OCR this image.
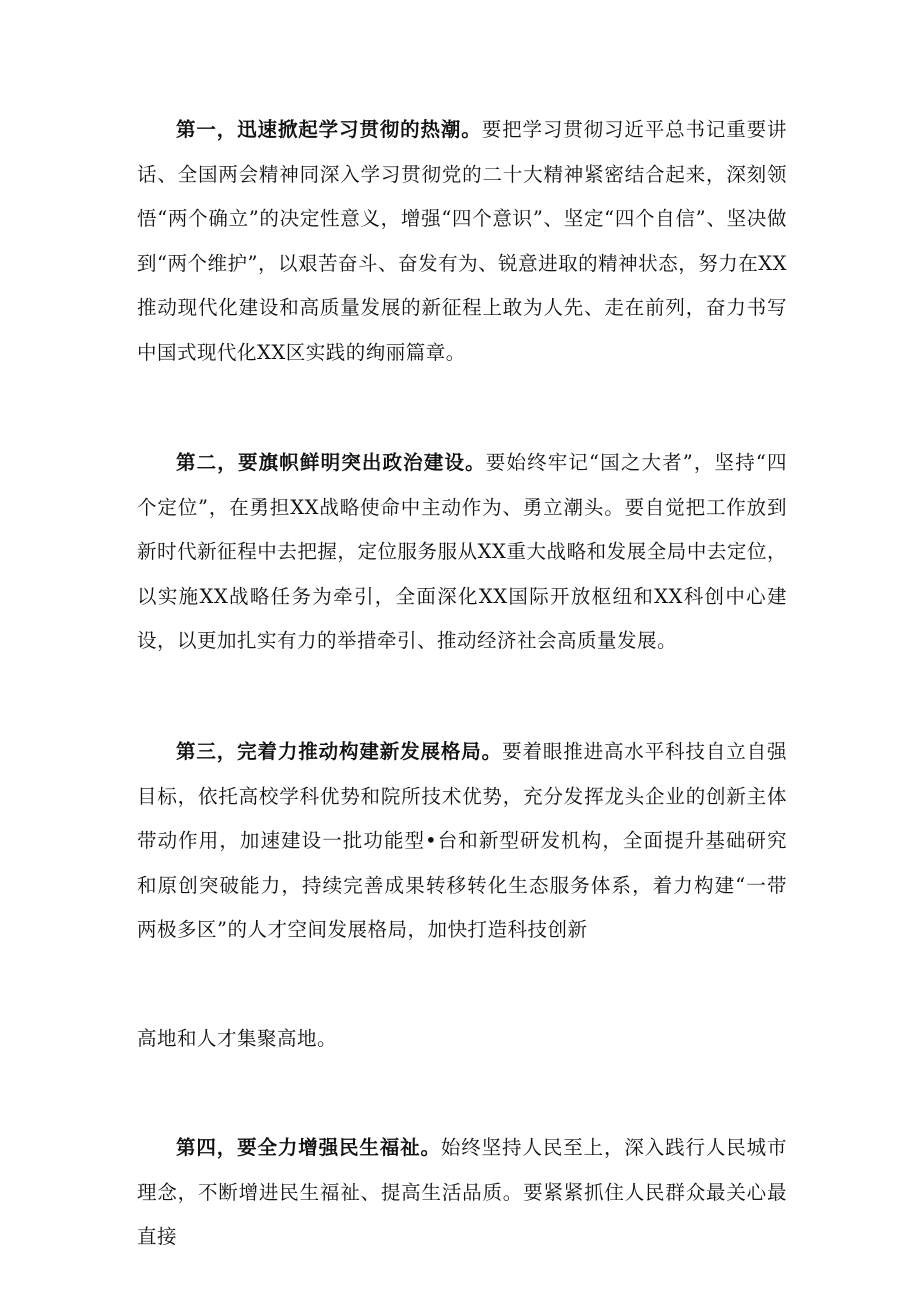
第一，迅速掀起学习贯彻的热潮。要把学习贯彻习近平总书记重要讲话、全国两会精神同深入学习贯彻党的二十大精神紧密结合起来，深刻领悟“两个确立”的决定性意义，增强“四个意识”、坚定“四个自信”、坚决做到“两个维护”，以艰苦奋斗、奋发有为、锐意进取的精神状态，努力在XX推动现代化建设和高质量发展的新征程上敢为人先、走在前列，奋力书写中国式现代化XX区实践的绚丽篇章。

第二，要旗帜鲜明突出政治建设。要始终牢记“国之大者”，坚持“四个定位”，在勇担XX战略使命中主动作为、勇立潮头。要自觉把工作放到新时代新征程中去把握，定位服务服从XX重大战略和发展全局中去定位，以实施XX战略任务为牵引，全面深化XX国际开放枢纽和XX科创中心建设，以更加扎实有力的举措牵引、推动经济社会高质量发展。

第三，完着力推动构建新发展格局。要着眼推进高水平科技自立自强目标，依托高校学科优势和院所技术优势，充分发挥龙头企业的创新主体带动作用，加速建设一批功能型•台和新型研发机构，全面提升基础研究和原创突破能力，持续完善成果转移转化生态服务体系，着力构建“一带两极多区”的人才空间发展格局，加快打造科技创新

高地和人才集聚高地。

第四，要全力增强民生福祉。始终坚持人民至上，深入践行人民城市理念，不断增进民生福祉、提高生活品质。要紧紧抓住人民群众最关心最直接
